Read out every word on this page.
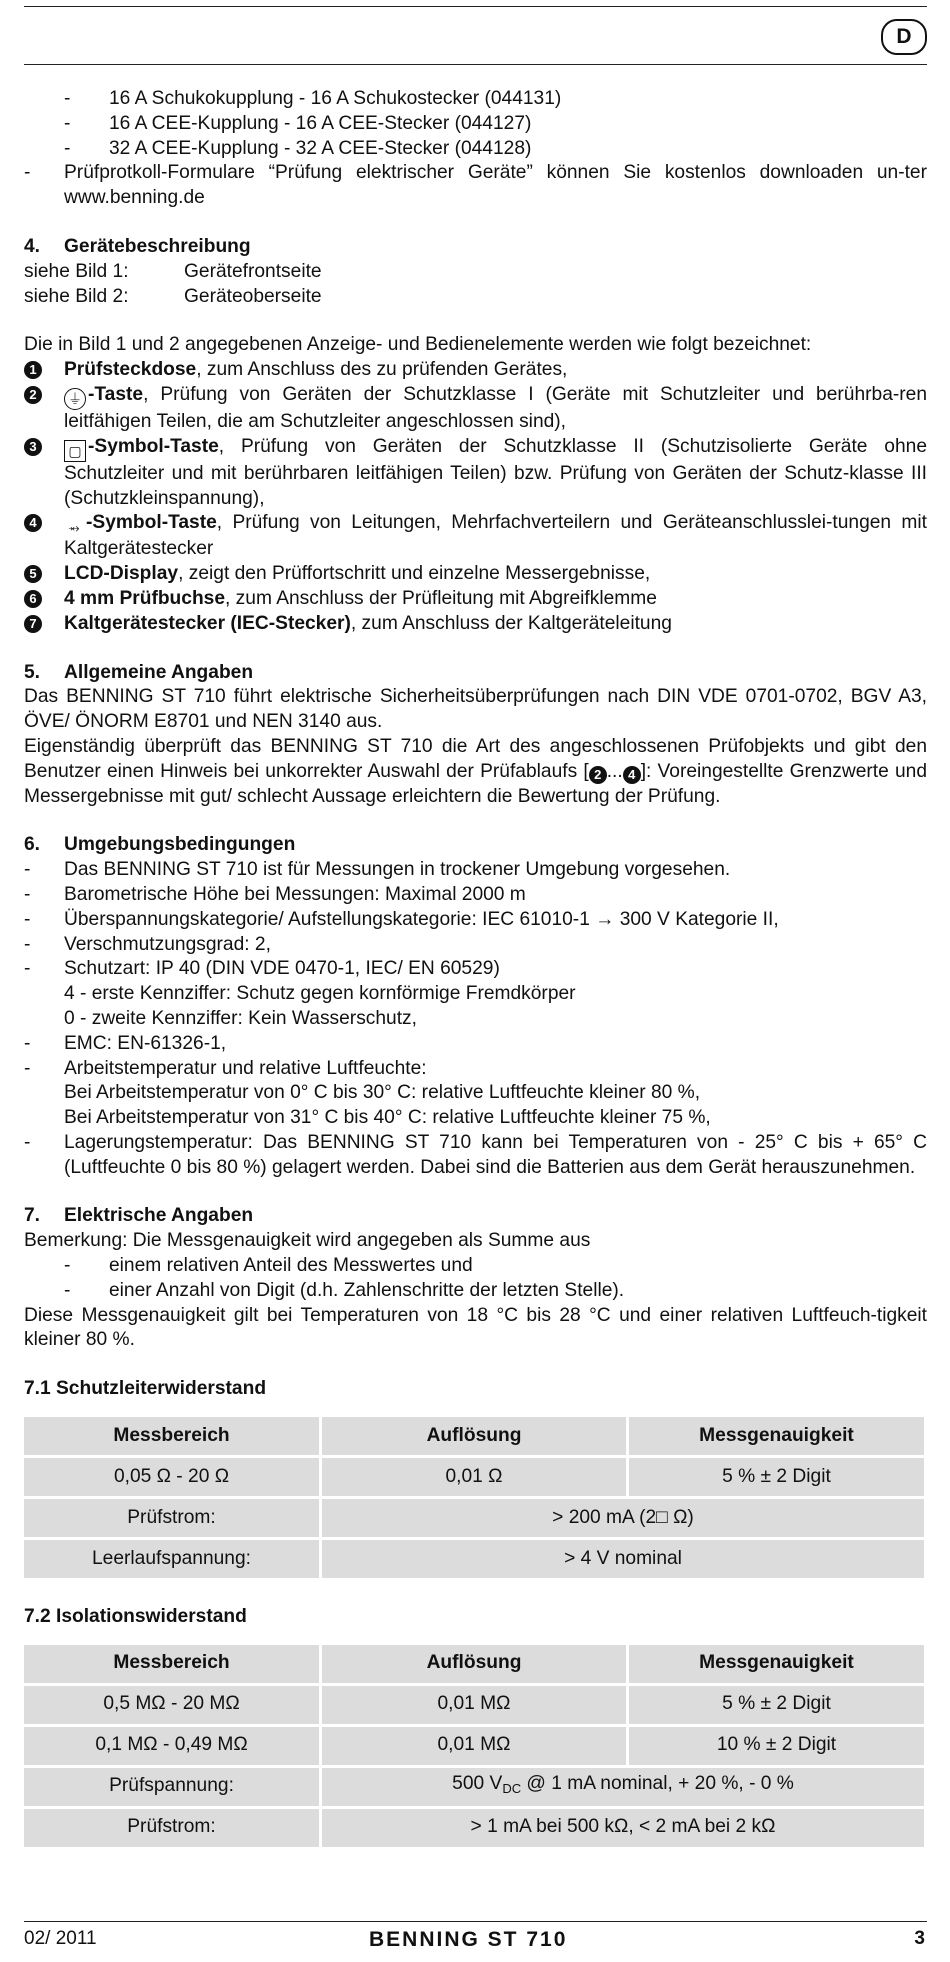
D
- 16 A Schukokupplung - 16 A Schukostecker (044131)
- 16 A CEE-Kupplung - 16 A CEE-Stecker (044127)
- 32 A CEE-Kupplung - 32 A CEE-Stecker (044128)
- Prüfprotkoll-Formulare “Prüfung elektrischer Geräte” können Sie kostenlos downloaden un-ter www.benning.de
4. Gerätebeschreibung
siehe Bild 1:	Gerätefrontseite
siehe Bild 2:	Geräteoberseite
Die in Bild 1 und 2 angegebenen Anzeige- und Bedienelemente werden wie folgt bezeichnet:
1 Prüfsteckdose, zum Anschluss des zu prüfenden Gerätes,
2	⏚ -Taste, Prüfung von Geräten der Schutzklasse I (Geräte mit Schutzleiter und berührba-ren leitfähigen Teilen, die am Schutzleiter angeschlossen sind),
3	▢ -Symbol-Taste, Prüfung von Geräten der Schutzklasse II (Schutzisolierte Geräte ohne Schutzleiter und mit berührbaren leitfähigen Teilen) bzw. Prüfung von Geräten der Schutz-klasse III (Schutzkleinspannung),
4	⥇ -Symbol-Taste, Prüfung von Leitungen, Mehrfachverteilern und Geräteanschlusslei-tungen mit Kaltgerätestecker
5 LCD-Display, zeigt den Prüffortschritt und einzelne Messergebnisse,
6 4 mm Prüfbuchse, zum Anschluss der Prüfleitung mit Abgreifklemme
7 Kaltgerätestecker (IEC-Stecker), zum Anschluss der Kaltgeräteleitung
5. Allgemeine Angaben
Das BENNING ST 710 führt elektrische Sicherheitsüberprüfungen nach DIN VDE 0701-0702, BGV A3, ÖVE/ ÖNORM E8701 und NEN 3140 aus.
Eigenständig überprüft das BENNING ST 710 die Art des angeschlossenen Prüfobjekts und gibt den Benutzer einen Hinweis bei unkorrekter Auswahl der Prüfablaufs [ 2 ... 4 ]: Voreingestellte Grenzwerte und Messergebnisse mit gut/ schlecht Aussage erleichtern die Bewertung der Prüfung.
6. Umgebungsbedingungen
- Das BENNING ST 710 ist für Messungen in trockener Umgebung vorgesehen.
- Barometrische Höhe bei Messungen: Maximal 2000 m
- Überspannungskategorie/ Aufstellungskategorie: IEC 61010-1 → 300 V Kategorie II,
- Verschmutzungsgrad: 2,
- Schutzart: IP 40 (DIN VDE 0470-1, IEC/ EN 60529)
4 - erste Kennziffer: Schutz gegen kornförmige Fremdkörper
0 - zweite Kennziffer: Kein Wasserschutz,
- EMC: EN-61326-1,
- Arbeitstemperatur und relative Luftfeuchte:
Bei Arbeitstemperatur von 0° C bis 30° C: relative Luftfeuchte kleiner 80 %,
Bei Arbeitstemperatur von 31° C bis 40° C: relative Luftfeuchte kleiner 75 %,
- Lagerungstemperatur: Das BENNING ST 710 kann bei Temperaturen von - 25° C bis + 65° C (Luftfeuchte 0 bis 80 %) gelagert werden. Dabei sind die Batterien aus dem Gerät herauszunehmen.
7. Elektrische Angaben
Bemerkung: Die Messgenauigkeit wird angegeben als Summe aus
- einem relativen Anteil des Messwertes und
- einer Anzahl von Digit (d.h. Zahlenschritte der letzten Stelle).
Diese Messgenauigkeit gilt bei Temperaturen von 18 °C bis 28 °C und einer relativen Luftfeuch-tigkeit kleiner 80 %.
7.1 Schutzleiterwiderstand
Messbereich	Auflösung	Messgenauigkeit
0,05 Ω - 20 Ω	0,01 Ω	5 % ± 2 Digit
Prüfstrom:	> 200 mA (2□ Ω)	
Leerlaufspannung:	> 4 V nominal	
7.2 Isolationswiderstand
Messbereich	Auflösung	Messgenauigkeit
0,5 MΩ - 20 MΩ	0,01 MΩ	5 % ± 2 Digit
0,1 MΩ - 0,49 MΩ	0,01 MΩ	10 % ± 2 Digit
Prüfspannung:	500 $V_{DC}$ @ 1 mA nominal, + 20 %, - 0 %	
Prüfstrom:	> 1 mA bei 500 kΩ, < 2 mA bei 2 kΩ	
02/ 2011	BENNING ST 710	3
